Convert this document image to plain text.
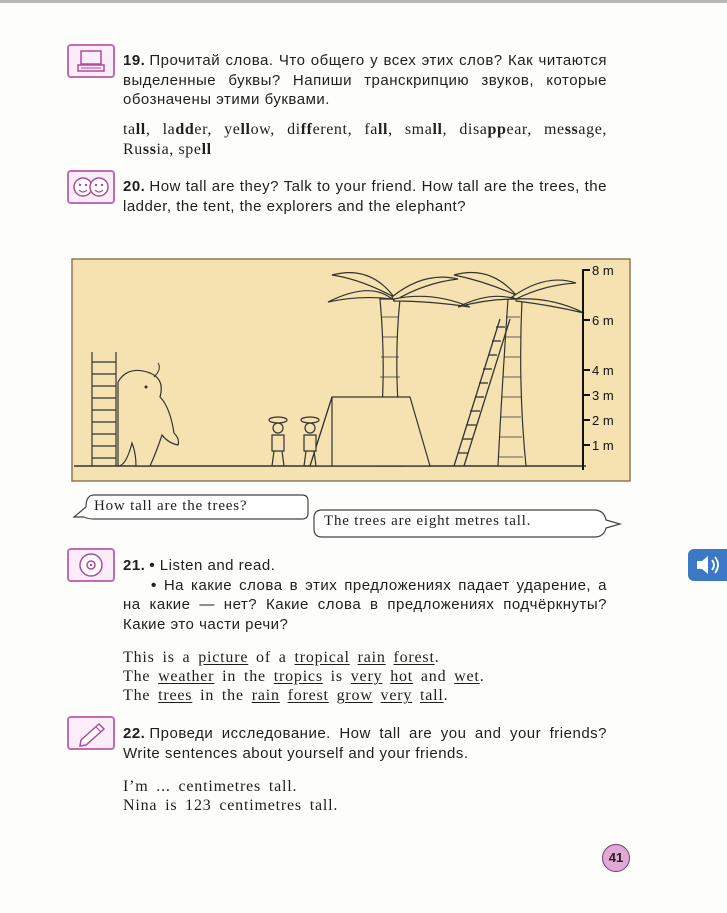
19. Прочитай слова. Что общего у всех этих слов? Как читаются выделенные буквы? Напиши транскрипцию звуков, которые обозначены этими буквами.
tall, ladder, yellow, different, fall, small, disappear, message, Russia, spell
20. How tall are they? Talk to your friend. How tall are the trees, the ladder, the tent, the explorers and the elephant?
8 m
6 m
4 m
3 m
2 m
1 m
How tall are the trees?
The trees are eight metres tall.
21. • Listen and read.
• На какие слова в этих предложениях падает ударение, а на какие — нет? Какие слова в предложениях подчёркнуты? Какие это части речи?
This is a picture of a tropical rain forest.
The weather in the tropics is very hot and wet.
The trees in the rain forest grow very tall.
22. Проведи исследование. How tall are you and your friends? Write sentences about yourself and your friends.
I’m ... centimetres tall.
Nina is 123 centimetres tall.
41
